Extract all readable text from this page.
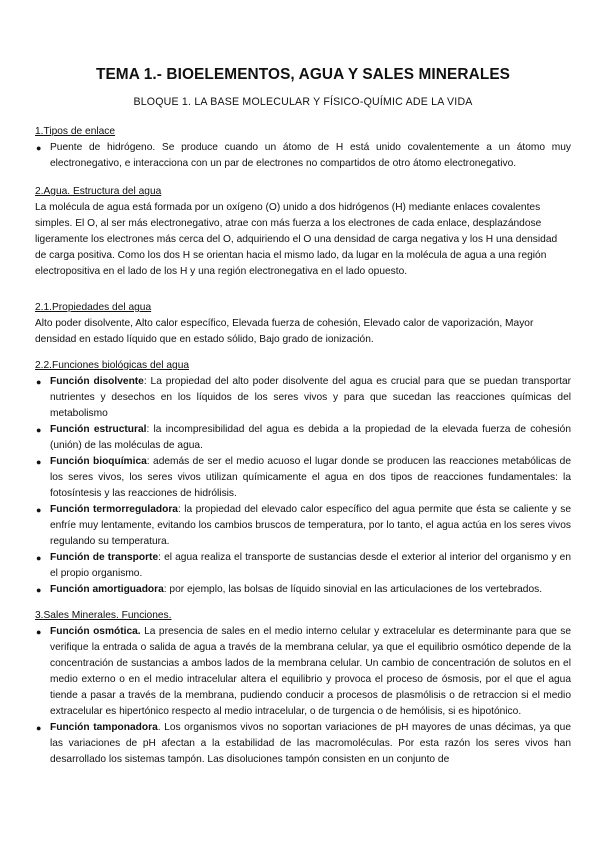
TEMA 1.- BIOELEMENTOS, AGUA Y SALES MINERALES
BLOQUE 1. LA BASE MOLECULAR Y FÍSICO-QUÍMIC ADE LA VIDA
1.Tipos de enlace
● Puente de hidrógeno. Se produce cuando un átomo de H está unido covalentemente a un átomo muy electronegativo, e interacciona con un par de electrones no compartidos de otro átomo electronegativo.
2.Agua. Estructura del agua
La molécula de agua está formada por un oxígeno (O) unido a dos hidrógenos (H) mediante enlaces covalentes simples. El O, al ser más electronegativo, atrae con más fuerza a los electrones de cada enlace, desplazándose ligeramente los electrones más cerca del O, adquiriendo el O una densidad de carga negativa y los H una densidad de carga positiva. Como los dos H se orientan hacia el mismo lado, da lugar en la molécula de agua a una región electropositiva en el lado de los H y una región electronegativa en el lado opuesto.
2.1.Propiedades del agua
Alto poder disolvente, Alto calor específico, Elevada fuerza de cohesión, Elevado calor de vaporización, Mayor densidad en estado líquido que en estado sólido, Bajo grado de ionización.
2.2.Funciones biológicas del agua
● Función disolvente: La propiedad del alto poder disolvente del agua es crucial para que se puedan transportar nutrientes y desechos en los líquidos de los seres vivos y para que sucedan las reacciones químicas del metabolismo
● Función estructural: la incompresibilidad del agua es debida a la propiedad de la elevada fuerza de cohesión (unión) de las moléculas de agua.
● Función bioquímica: además de ser el medio acuoso el lugar donde se producen las reacciones metabólicas de los seres vivos, los seres vivos utilizan químicamente el agua en dos tipos de reacciones fundamentales: la fotosíntesis y las reacciones de hidrólisis.
● Función termorreguladora: la propiedad del elevado calor específico del agua permite que ésta se caliente y se enfríe muy lentamente, evitando los cambios bruscos de temperatura, por lo tanto, el agua actúa en los seres vivos regulando su temperatura.
● Función de transporte: el agua realiza el transporte de sustancias desde el exterior al interior del organismo y en el propio organismo.
● Función amortiguadora: por ejemplo, las bolsas de líquido sinovial en las articulaciones de los vertebrados.
3.Sales Minerales. Funciones.
● Función osmótica. La presencia de sales en el medio interno celular y extracelular es determinante para que se verifique la entrada o salida de agua a través de la membrana celular, ya que el equilibrio osmótico depende de la concentración de sustancias a ambos lados de la membrana celular. Un cambio de concentración de solutos en el medio externo o en el medio intracelular altera el equilibrio y provoca el proceso de ósmosis, por el que el agua tiende a pasar a través de la membrana, pudiendo conducir a procesos de plasmólisis o de retraccion si el medio extracelular es hipertónico respecto al medio intracelular, o de turgencia o de hemólisis, si es hipotónico.
● Función tamponadora. Los organismos vivos no soportan variaciones de pH mayores de unas décimas, ya que las variaciones de pH afectan a la estabilidad de las macromoléculas. Por esta razón los seres vivos han desarrollado los sistemas tampón. Las disoluciones tampón consisten en un conjunto de
